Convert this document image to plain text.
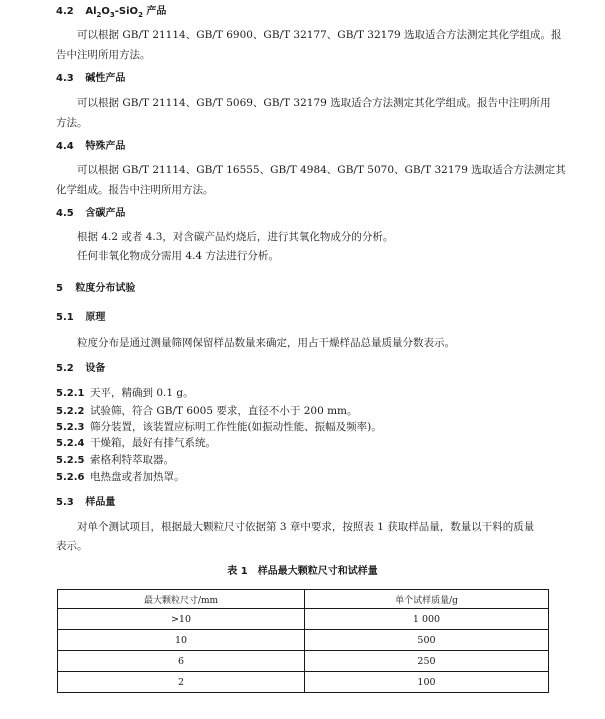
4.2 $Al_2O_3-SiO_2$ 产品
可以根据 GB/T 21114、GB/T 6900、GB/T 32177、GB/T 32179 选取适合方法测定其化学组成。报
告中注明所用方法。
4.3 碱性产品
可以根据 GB/T 21114、GB/T 5069、GB/T 32179 选取适合方法测定其化学组成。报告中注明所用
方法。
4.4 特殊产品
可以根据 GB/T 21114、GB/T 16555、GB/T 4984、GB/T 5070、GB/T 32179 选取适合方法测定其
化学组成。报告中注明所用方法。
4.5 含碳产品
根据 4.2 或者 4.3，对含碳产品灼烧后，进行其氧化物成分的分析。
任何非氧化物成分需用 4.4 方法进行分析。
5 粒度分布试验
5.1 原理
粒度分布是通过测量筛网保留样品数量来确定，用占干燥样品总量质量分数表示。
5.2 设备
5.2.1 天平，精确到 0.1 g。
5.2.2 试验筛，符合 GB/T 6005 要求，直径不小于 200 mm。
5.2.3 筛分装置，该装置应标明工作性能(如振动性能、振幅及频率)。
5.2.4 干燥箱，最好有排气系统。
5.2.5 索格利特萃取器。
5.2.6 电热盘或者加热罩。
5.3 样品量
对单个测试项目，根据最大颗粒尺寸依据第 3 章中要求，按照表 1 获取样品量，数量以干料的质量
表示。
表 1　样品最大颗粒尺寸和试样量
最大颗粒尺寸/mm	单个试样质量/g
>10	1 000
10	500
6	250
2	100
